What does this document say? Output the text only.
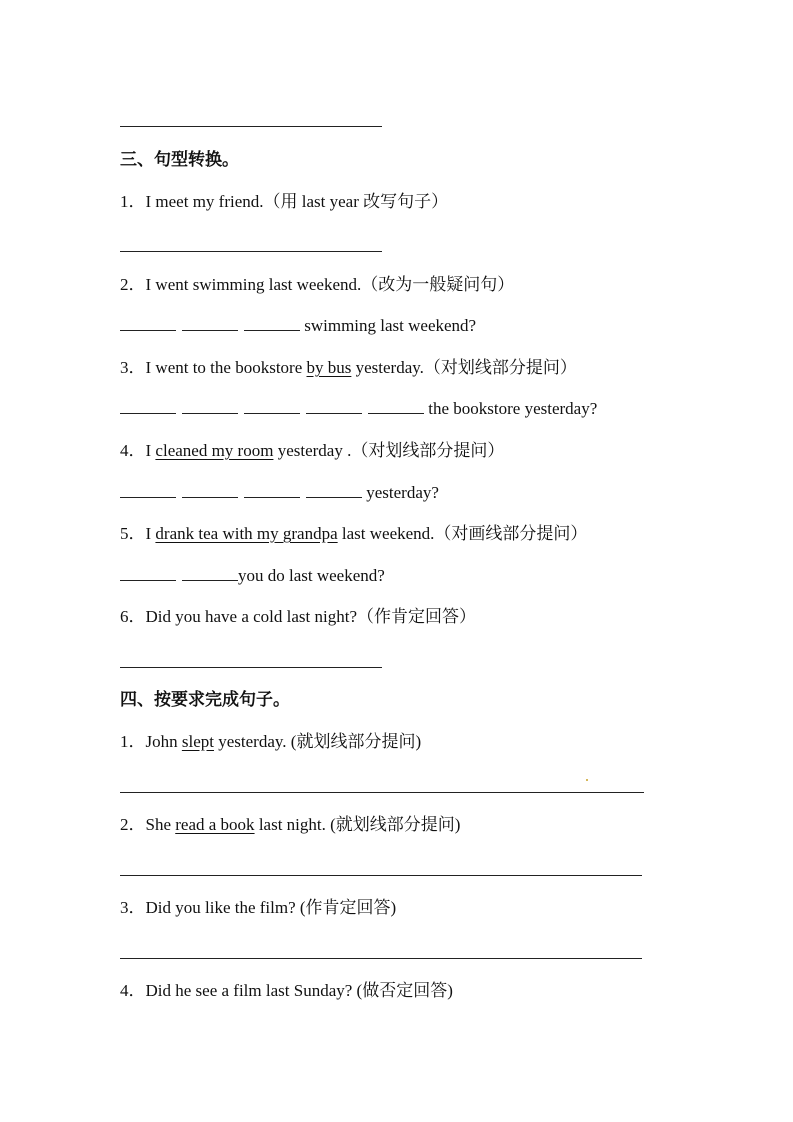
三、句型转换。
1．I meet my friend.（用 last year 改写句子）
2．I went swimming last weekend.（改为一般疑问句）
swimming last weekend?
3．I went to the bookstore by bus yesterday.（对划线部分提问）
the bookstore yesterday?
4．I cleaned my room yesterday .（对划线部分提问）
yesterday?
5．I drank tea with my grandpa last weekend.（对画线部分提问）
you do last weekend?
6．Did you have a cold last night?（作肯定回答）
四、按要求完成句子。
1．John slept yesterday. (就划线部分提问)
2．She read a book last night. (就划线部分提问)
3．Did you like the film? (作肯定回答)
4．Did he see a film last Sunday? (做否定回答)
